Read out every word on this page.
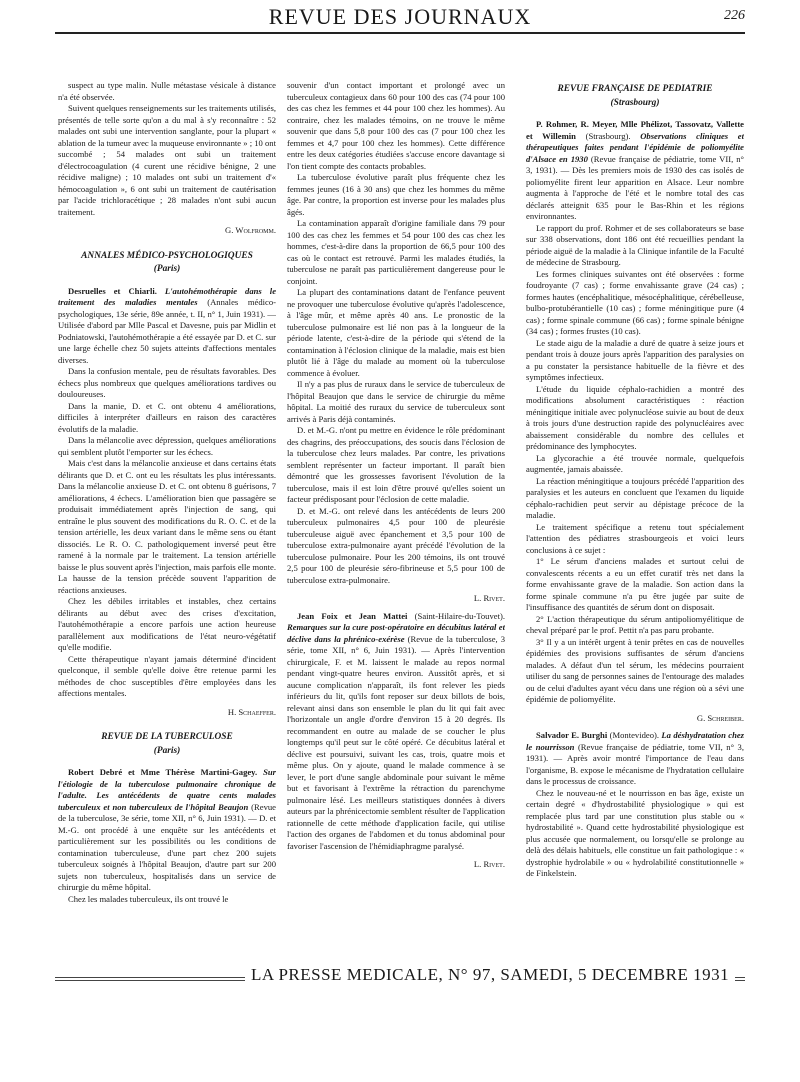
REVUE DES JOURNAUX	226

suspect au type malin. Nulle métastase vésicale à distance n'a été observée.

Suivent quelques renseignements sur les traitements utilisés, présentés de telle sorte qu'on a du mal à s'y reconnaître : 52 malades ont subi une intervention sanglante, pour la plupart « ablation de la tumeur avec la muqueuse environnante » ; 10 ont succombé ; 54 malades ont subi un traitement d'électrocoagulation (4 curent une récidive bénigne, 2 une récidive maligne) ; 10 malades ont subi un traitement d'« hémocoagulation », 6 ont subi un traitement de cautérisation par l'acide trichloracétique ; 28 malades n'ont subi aucun traitement.

G. Wolfromm.
ANNALES MÉDICO-PSYCHOLOGIQUES
(Paris)

Desruelles et Chiarli. L'autohémothérapie dans le traitement des maladies mentales (Annales médico-psychologiques, 13e série, 89e année, t. II, n° 1, Juin 1931). — Utilisée d'abord par Mlle Pascal et Davesne, puis par Midlin et Podniatowski, l'autohémothérapie a été essayée par D. et C. sur une large échelle chez 50 sujets atteints d'affections mentales diverses.

Dans la confusion mentale, peu de résultats favorables. Des échecs plus nombreux que quelques améliorations tardives ou douloureuses.

Dans la manie, D. et C. ont obtenu 4 améliorations, difficiles à interpréter d'ailleurs en raison des caractères évolutifs de la maladie.

Dans la mélancolie avec dépression, quelques améliorations qui semblent plutôt l'emporter sur les échecs.

Mais c'est dans la mélancolie anxieuse et dans certains états délirants que D. et C. ont eu les résultats les plus intéressants. Dans la mélancolie anxieuse D. et C. ont obtenu 8 guérisons, 7 améliorations, 4 échecs. L'amélioration bien que passagère se produisait immédiatement après l'injection de sang, qui entraîne le plus souvent des modifications du R. O. C. et de la tension artérielle, les deux variant dans le même sens ou étant dissociés. Le R. O. C. pathologiquement inversé peut être ramené à la normale par le traitement. La tension artérielle baisse le plus souvent après l'injection, mais parfois elle monte. La hausse de la tension précède souvent l'apparition de réactions anxieuses.

Chez les débiles irritables et instables, chez certains délirants au début avec des crises d'excitation, l'autohémothérapie a encore parfois une action heureuse parallèlement aux modifications de l'état neuro-végétatif qu'elle modifie.

Cette thérapeutique n'ayant jamais déterminé d'incident quelconque, il semble qu'elle doive être retenue parmi les méthodes de choc susceptibles d'être employées dans les affections mentales.

H. Schaeffer.
REVUE DE LA TUBERCULOSE
(Paris)

Robert Debré et Mme Thérèse Martini-Gagey. Sur l'étiologie de la tuberculose pulmonaire chronique de l'adulte. Les antécédents de quatre cents malades tuberculeux et non tuberculeux de l'hôpital Beaujon (Revue de la tuberculose, 3e série, tome XII, n° 6, Juin 1931). — D. et M.-G. ont procédé à une enquête sur les antécédents et particulièrement sur les possibilités ou les conditions de contamination tuberculeuse, d'une part chez 200 sujets tuberculeux soignés à l'hôpital Beaujon, d'autre part sur 200 sujets non tuberculeux, hospitalisés dans un service de chirurgie du même hôpital.

Chez les malades tuberculeux, ils ont trouvé le

souvenir d'un contact important et prolongé avec un tuberculeux contagieux dans 60 pour 100 des cas (74 pour 100 des cas chez les femmes et 44 pour 100 chez les hommes). Au contraire, chez les malades témoins, on ne trouve le même souvenir que dans 5,8 pour 100 des cas (7 pour 100 chez les femmes et 4,7 pour 100 chez les hommes). Cette différence entre les deux catégories étudiées s'accuse encore davantage si l'on tient compte des contacts probables.

La tuberculose évolutive paraît plus fréquente chez les femmes jeunes (16 à 30 ans) que chez les hommes du même âge. Par contre, la proportion est inverse pour les malades plus âgés.

La contamination apparaît d'origine familiale dans 79 pour 100 des cas chez les femmes et 54 pour 100 des cas chez les hommes, c'est-à-dire dans la proportion de 66,5 pour 100 des cas où le contact est retrouvé. Parmi les malades étudiés, la tuberculose ne paraît pas particulièrement dangereuse pour le conjoint.

La plupart des contaminations datant de l'enfance peuvent ne provoquer une tuberculose évolutive qu'après l'adolescence, à l'âge mûr, et même après 40 ans. Le pronostic de la tuberculose pulmonaire est lié non pas à la longueur de la période latente, c'est-à-dire de la période qui s'étend de la contamination à l'éclosion clinique de la maladie, mais est bien plutôt lié à l'âge du malade au moment où la tuberculose commence à évoluer.

Il n'y a pas plus de ruraux dans le service de tuberculeux de l'hôpital Beaujon que dans le service de chirurgie du même hôpital. La moitié des ruraux du service de tuberculeux sont arrivés à Paris déjà contaminés.

D. et M.-G. n'ont pu mettre en évidence le rôle prédominant des chagrins, des préoccupations, des soucis dans l'éclosion de la tuberculose chez leurs malades. Par contre, les privations semblent représenter un facteur important. Il paraît bien démontré que les grossesses favorisent l'évolution de la tuberculose, mais il est loin d'être prouvé qu'elles soient un facteur prédisposant pour l'éclosion de cette maladie.

D. et M.-G. ont relevé dans les antécédents de leurs 200 tuberculeux pulmonaires 4,5 pour 100 de pleurésie tuberculeuse aiguë avec épanchement et 3,5 pour 100 de tuberculose extra-pulmonaire ayant précédé l'évolution de la tuberculose pulmonaire. Pour les 200 témoins, ils ont trouvé 2,5 pour 100 de pleurésie séro-fibrineuse et 5,5 pour 100 de tuberculose extra-pulmonaire.

L. Rivet.

Jean Foix et Jean Mattei (Saint-Hilaire-du-Touvet). Remarques sur la cure post-opératoire en décubitus latéral et déclive dans la phrénico-exérèse (Revue de la tuberculose, 3 série, tome XII, n° 6, Juin 1931). — Après l'intervention chirurgicale, F. et M. laissent le malade au repos normal pendant vingt-quatre heures environ. Aussitôt après, et si aucune complication n'apparaît, ils font relever les pieds inférieurs du lit, qu'ils font reposer sur deux billots de bois, relevant ainsi dans son ensemble le plan du lit qui fait avec l'horizontale un angle d'ordre d'environ 15 à 20 degrés. Ils recommandent en outre au malade de se coucher le plus longtemps qu'il peut sur le côté opéré. Ce décubitus latéral et déclive est poursuivi, suivant les cas, trois, quatre mois et même plus. On y ajoute, quand le malade commence à se lever, le port d'une sangle abdominale pour suivant le même but et favorisant à l'extrême la rétraction du parenchyme pulmonaire lésé. Les meilleurs statistiques données à divers auteurs par la phrénicectomie semblent résulter de l'application rationnelle de cette méthode d'application facile, qui utilise l'action des organes de l'abdomen et du tonus abdominal pour favoriser l'ascension de l'hémidiaphragme paralysé.

L. Rivet.
REVUE FRANÇAISE DE PEDIATRIE
(Strasbourg)

P. Rohmer, R. Meyer, Mlle Phélizot, Tassovatz, Vallette et Willemin (Strasbourg). Observations cliniques et thérapeutiques faites pendant l'épidémie de poliomyélite d'Alsace en 1930 (Revue française de pédiatrie, tome VII, n° 3, 1931). — Dès les premiers mois de 1930 des cas isolés de poliomyélite firent leur apparition en Alsace. Leur nombre augmenta à l'approche de l'été et le nombre total des cas déclarés atteignit 635 pour le Bas-Rhin et les régions environnantes.

Le rapport du prof. Rohmer et de ses collaborateurs se base sur 338 observations, dont 186 ont été recueillies pendant la période aiguë de la maladie à la Clinique infantile de la Faculté de médecine de Strasbourg.

Les formes cliniques suivantes ont été observées : forme foudroyante (7 cas) ; forme envahissante grave (24 cas) ; formes hautes (encéphalitique, mésocéphalitique, cérébelleuse, bulbo-protubérantielle (10 cas) ; forme méningitique pure (4 cas) ; forme spinale commune (66 cas) ; forme spinale bénigne (34 cas) ; formes frustes (10 cas).

Le stade aigu de la maladie a duré de quatre à seize jours et pendant trois à douze jours après l'apparition des paralysies on a pu constater la persistance habituelle de la fièvre et des symptômes infectieux.

L'étude du liquide céphalo-rachidien a montré des modifications absolument caractéristiques : réaction méningitique initiale avec polynucléose suivie au bout de deux à trois jours d'une destruction rapide des polynucléaires avec abaissement considérable du nombre des cellules et prédominance des lymphocytes.

La glycorachie a été trouvée normale, quelquefois augmentée, jamais abaissée.

La réaction méningitique a toujours précédé l'apparition des paralysies et les auteurs en concluent que l'examen du liquide céphalo-rachidien peut servir au dépistage précoce de la maladie.

Le traitement spécifique a retenu tout spécialement l'attention des pédiatres strasbourgeois et voici leurs conclusions à ce sujet :

1° Le sérum d'anciens malades et surtout celui de convalescents récents a eu un effet curatif très net dans la forme envahissante grave de la maladie. Son action dans la forme spinale commune n'a pu être jugée par suite de l'insuffisance des quantités de sérum dont on disposait.

2° L'action thérapeutique du sérum antipoliomyélitique de cheval préparé par le prof. Pettit n'a pas paru probante.

3° Il y a un intérêt urgent à tenir prêtes en cas de nouvelles épidémies des provisions suffisantes de sérum d'anciens malades. A défaut d'un tel sérum, les médecins pourraient utiliser du sang de personnes saines de l'entourage des malades ou de celui d'adultes ayant vécu dans une région où a sévi une épidémie de poliomyélite.

G. Schreiber.

Salvador E. Burghi (Montevideo). La déshydratation chez le nourrisson (Revue française de pédiatrie, tome VII, n° 3, 1931). — Après avoir montré l'importance de l'eau dans l'organisme, B. expose le mécanisme de l'hydratation cellulaire dans le processus de croissance.

Chez le nouveau-né et le nourrisson en bas âge, existe un certain degré « d'hydrostabilité physiologique » qui est remplacée plus tard par une constitution plus stable ou « hydrostabilité ». Quand cette hydrostabilité physiologique est plus accusée que normalement, ou lorsqu'elle se prolonge au delà des délais habituels, elle constitue un fait pathologique : « dystrophie hydrolabile » ou « hydrolabilité constitutionnelle » de Finkelstein.

LA PRESSE MEDICALE, N° 97, SAMEDI, 5 DECEMBRE 1931
